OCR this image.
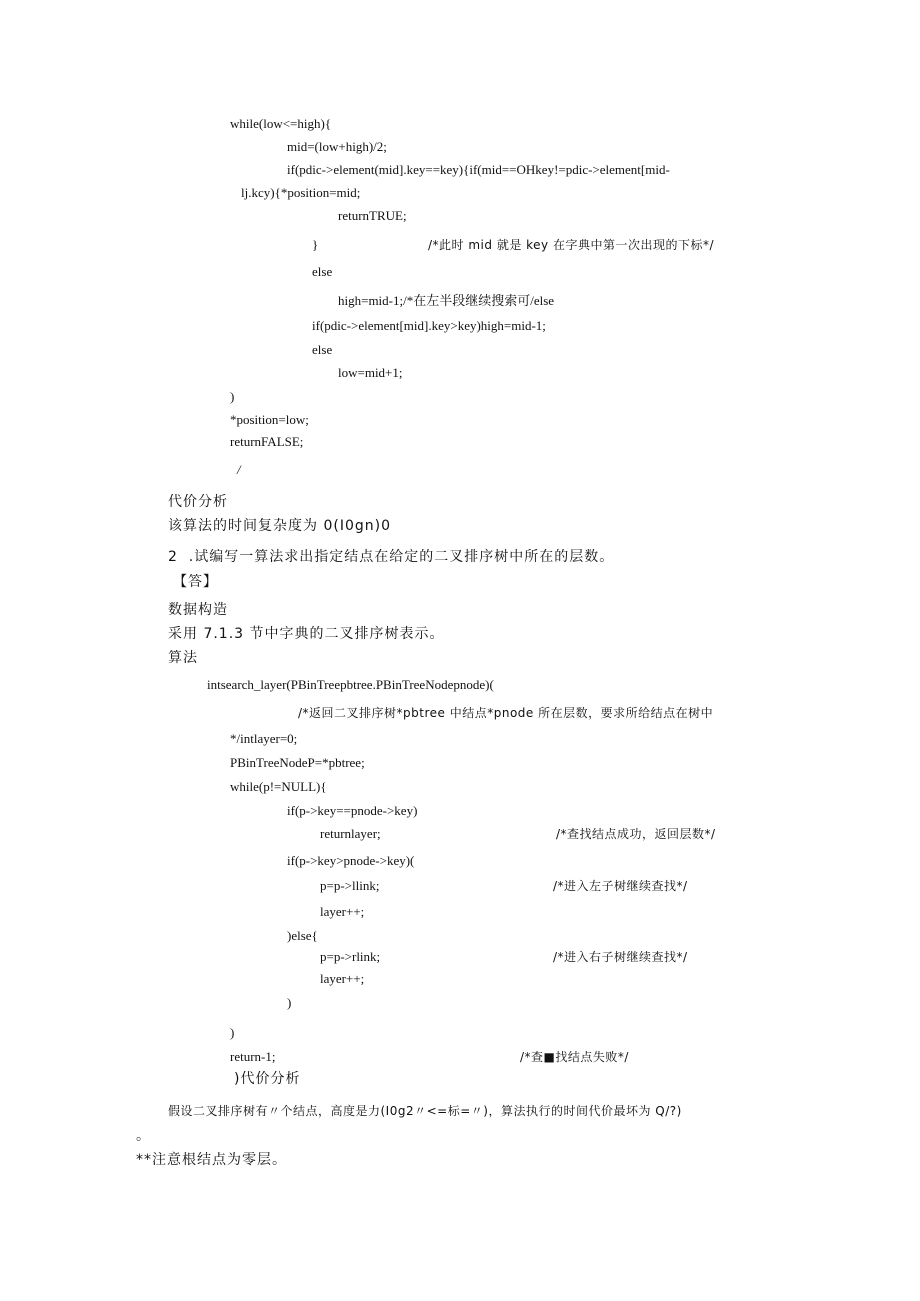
while(low<=high){
mid=(low+high)/2;
if(pdic->element(mid].key==key){if(mid==OHkey!=pdic->element[mid-
lj.kcy){*position=mid;
returnTRUE;
}	/*此时 mid 就是 key 在字典中第一次出现的下标*/
else
high=mid-1;/*在左半段继续搜索可/else
if(pdic->element[mid].key>key)high=mid-1;
else
low=mid+1;
)
*position=low;
returnFALSE;
/
代价分析
该算法的时间复杂度为 0(I0gn)0
2  .试编写一算法求出指定结点在给定的二叉排序树中所在的层数。
【答】
数据构造
采用 7.1.3 节中字典的二叉排序树表示。
算法
intsearch_layer(PBinTreepbtree.PBinTreeNodepnode)(
/*返回二叉排序树*pbtree 中结点*pnode 所在层数，要求所给结点在树中
*/intlayer=0;
PBinTreeNodeP=*pbtree;
while(p!=NULL){
if(p->key==pnode->key)
returnlayer;	/*查找结点成功，返回层数*/
if(p->key>pnode->key)(
p=p->llink;	/*进入左子树继续查找*/
layer++;
)else{
p=p->rlink;	/*进入右子树继续查找*/
layer++;
)
)
return-1;	/*查■找结点失败*/
)代价分析
假设二叉排序树有〃个结点，高度是力(I0g2〃<=标=〃)，算法执行的时间代价最坏为 Q/?)
。
**注意根结点为零层。
